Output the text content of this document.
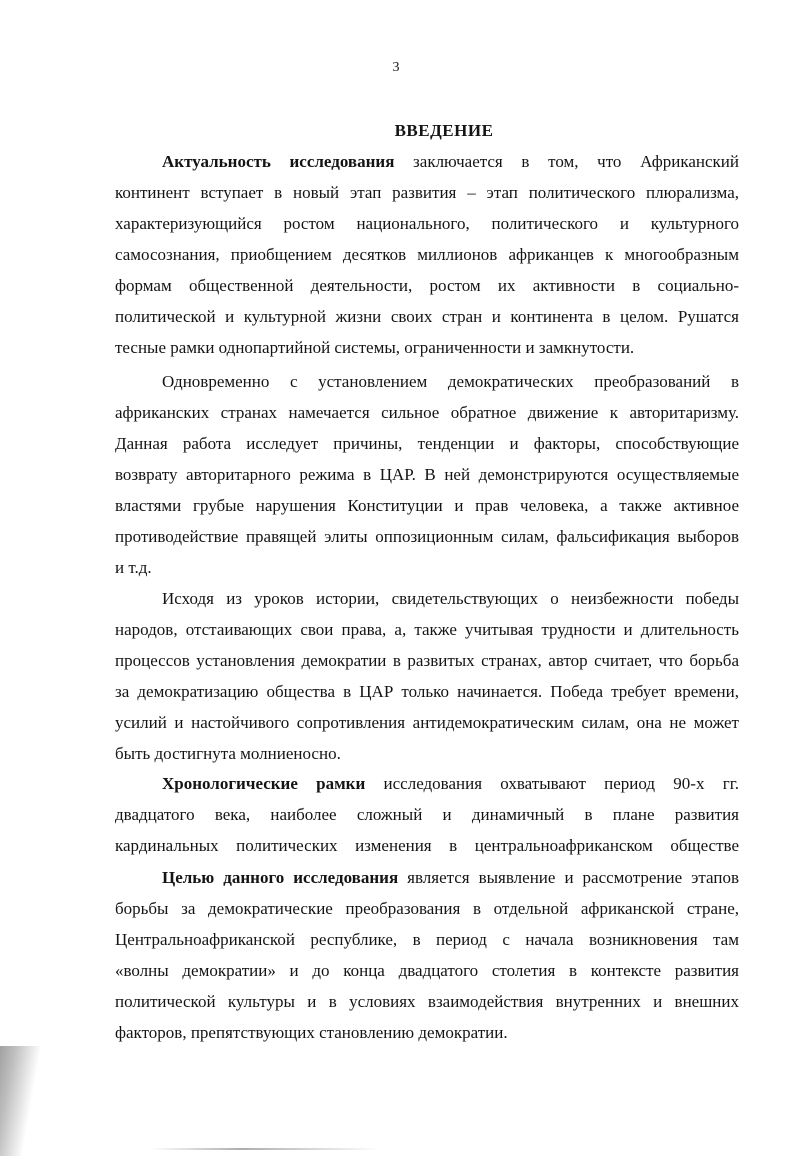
3
ВВЕДЕНИЕ
Актуальность исследования заключается в том, что Африканский
континент вступает в новый этап развития – этап политического плюрализма,
характеризующийся ростом национального, политического и культурного
самосознания, приобщением десятков миллионов африканцев к многообразным
формам общественной деятельности, ростом их активности в социально-
политической и культурной жизни своих стран и континента в целом. Рушатся
тесные рамки однопартийной системы, ограниченности и замкнутости.
Одновременно с установлением демократических преобразований в
африканских странах намечается сильное обратное движение к авторитаризму.
Данная работа исследует причины, тенденции и факторы, способствующие
возврату авторитарного режима в ЦАР. В ней демонстрируются осуществляемые
властями грубые нарушения Конституции и прав человека, а также активное
противодействие правящей элиты оппозиционным силам, фальсификация выборов
и т.д.
Исходя из уроков истории, свидетельствующих о неизбежности победы
народов, отстаивающих свои права, а, также учитывая трудности и длительность
процессов установления демократии в развитых странах, автор считает, что борьба
за демократизацию общества в ЦАР только начинается. Победа требует времени,
усилий и настойчивого сопротивления антидемократическим силам, она не может
быть достигнута молниеносно.
Хронологические рамки исследования охватывают период 90-х гг.
двадцатого века, наиболее сложный и динамичный в плане развития
кардинальных политических изменения в центральноафриканском обществе
Целью данного исследования является выявление и рассмотрение этапов
борьбы за демократические преобразования в отдельной африканской стране,
Центральноафриканской республике, в период с начала возникновения там
«волны демократии» и до конца двадцатого столетия в контексте развития
политической культуры и в условиях взаимодействия внутренних и внешних
факторов, препятствующих становлению демократии.
